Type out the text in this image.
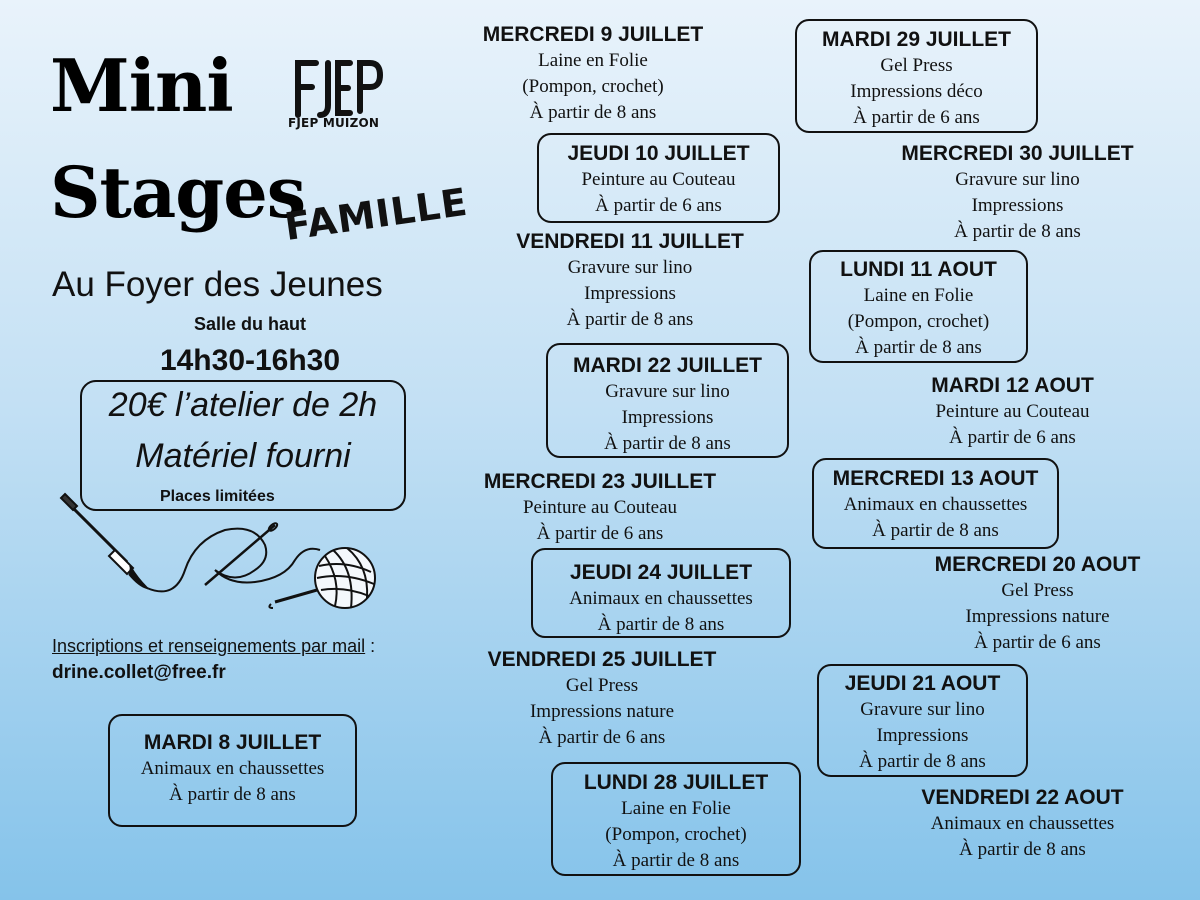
Mini
Stages
FAMILLE
FJEP MUIZON
Au Foyer des Jeunes
Salle du haut
14h30-16h30
20€ l’atelier de 2h
Matériel fourni
Places limitées
Inscriptions et renseignements par mail :
drine.collet@free.fr
MARDI 8 JUILLET
Animaux en chaussettes
À partir de 8 ans
MERCREDI 9 JUILLET
Laine en Folie
(Pompon, crochet)
À partir de 8 ans
JEUDI 10 JUILLET
Peinture au Couteau
À partir de 6 ans
VENDREDI 11 JUILLET
Gravure sur lino
Impressions
À partir de 8 ans
MARDI 22 JUILLET
Gravure sur lino
Impressions
À partir de 8 ans
MERCREDI 23 JUILLET
Peinture au Couteau
À partir de 6 ans
JEUDI 24 JUILLET
Animaux en chaussettes
À partir de 8 ans
VENDREDI 25 JUILLET
Gel Press
Impressions nature
À partir de 6 ans
LUNDI 28 JUILLET
Laine en Folie
(Pompon, crochet)
À partir de 8 ans
MARDI 29 JUILLET
Gel Press
Impressions déco
À partir de 6 ans
MERCREDI 30 JUILLET
Gravure sur lino
Impressions
À partir de 8 ans
LUNDI 11 AOUT
Laine en Folie
(Pompon, crochet)
À partir de 8 ans
MARDI 12 AOUT
Peinture au Couteau
À partir de 6 ans
MERCREDI 13 AOUT
Animaux en chaussettes
À partir de 8 ans
MERCREDI 20 AOUT
Gel Press
Impressions nature
À partir de 6 ans
JEUDI 21 AOUT
Gravure sur lino
Impressions
À partir de 8 ans
VENDREDI 22 AOUT
Animaux en chaussettes
À partir de 8 ans
